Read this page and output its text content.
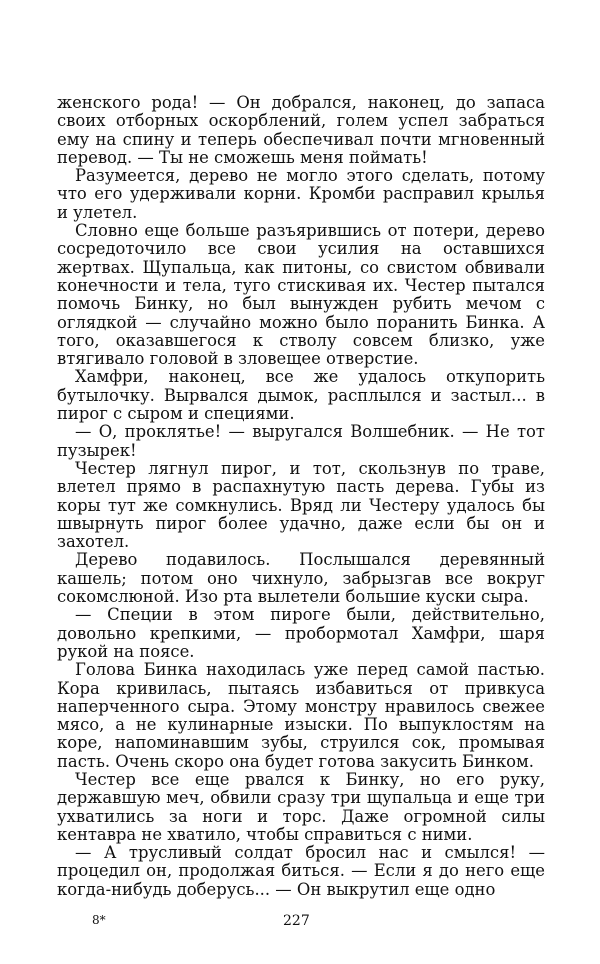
женского рода! — Он добрался, наконец, до запаса своих отборных оскорблений, голем успел забраться ему на спину и теперь обеспечивал почти мгновенный перевод. — Ты не сможешь меня поймать!

Разумеется, дерево не могло этого сделать, потому что его удерживали корни. Кромби расправил крылья и улетел.

Словно еще больше разъярившись от потери, дерево сосредоточило все свои усилия на оставшихся жертвах. Щупальца, как питоны, со свистом обвивали конечности и тела, туго стискивая их. Честер пытался помочь Бинку, но был вынужден рубить мечом с оглядкой — случайно можно было поранить Бинка. А того, оказавшегося к стволу совсем близко, уже втягивало головой в зловещее отверстие.

Хамфри, наконец, все же удалось откупорить бутылочку. Вырвался дымок, расплылся и застыл... в пирог с сыром и специями.

— О, проклятье! — выругался Волшебник. — Не тот пузырек!

Честер лягнул пирог, и тот, скользнув по траве, влетел прямо в распахнутую пасть дерева. Губы из коры тут же сомкнулись. Вряд ли Честеру удалось бы швырнуть пирог более удачно, даже если бы он и захотел.

Дерево подавилось. Послышался деревянный кашель; потом оно чихнуло, забрызгав все вокруг сокомслюной. Изо рта вылетели большие куски сыра.

— Специи в этом пироге были, действительно, довольно крепкими, — пробормотал Хамфри, шаря рукой на поясе.

Голова Бинка находилась уже перед самой пастью. Кора кривилась, пытаясь избавиться от привкуса наперченного сыра. Этому монстру нравилось свежее мясо, а не кулинарные изыски. По выпуклостям на коре, напоминавшим зубы, струился сок, промывая пасть. Очень скоро она будет готова закусить Бинком.

Честер все еще рвался к Бинку, но его руку, державшую меч, обвили сразу три щупальца и еще три ухватились за ноги и торс. Даже огромной силы кентавра не хватило, чтобы справиться с ними.

— А трусливый солдат бросил нас и смылся! — процедил он, продолжая биться. — Если я до него еще когда-нибудь доберусь... — Он выкрутил еще одно

8*	227
